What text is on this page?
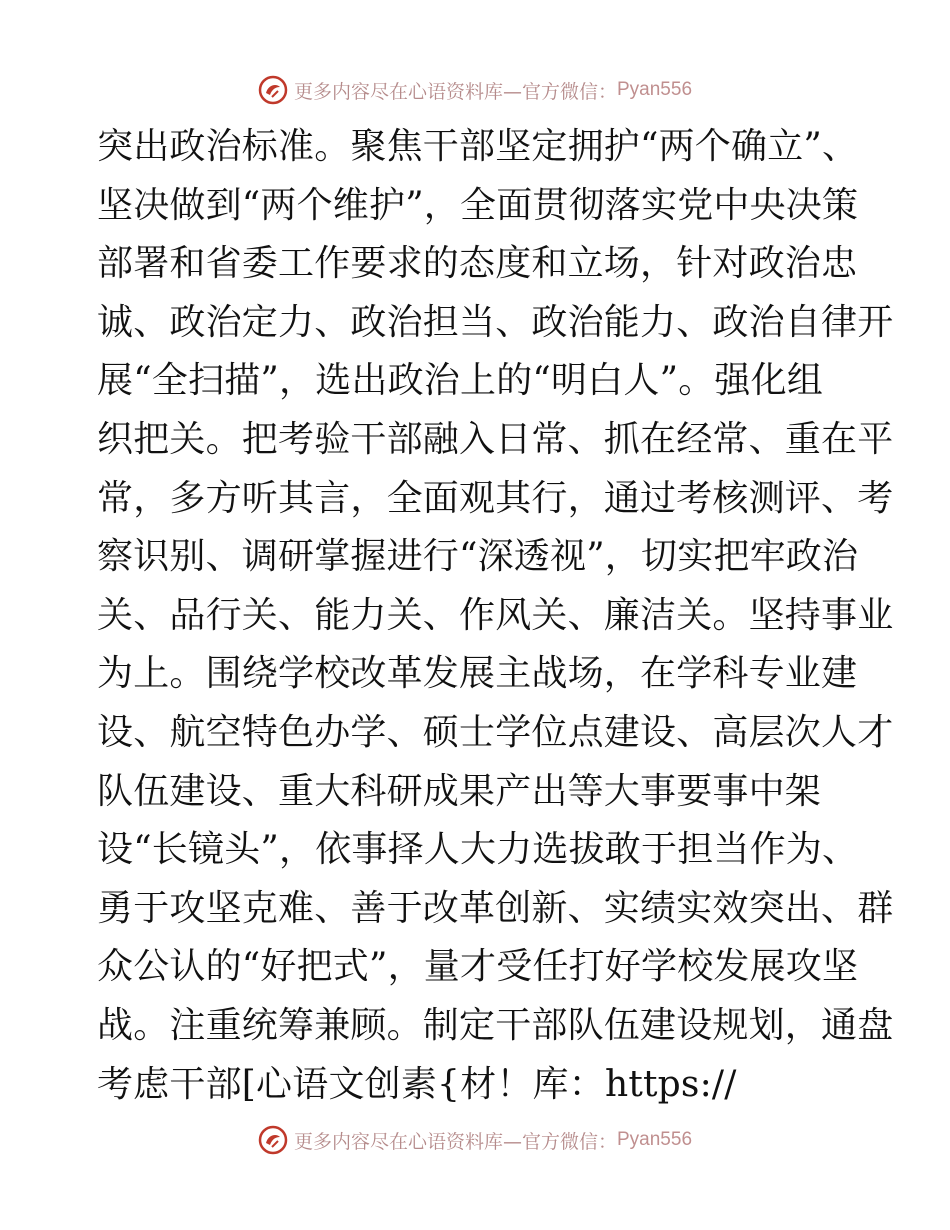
更多内容尽在心语资料库—官方微信： Pyan556
突出政治标准。聚焦干部坚定拥护“两个确立”、
坚决做到“两个维护”，全面贯彻落实党中央决策
部署和省委工作要求的态度和立场，针对政治忠
诚、政治定力、政治担当、政治能力、政治自律开
展“全扫描”，选出政治上的“明白人”。强化组
织把关。把考验干部融入日常、抓在经常、重在平
常，多方听其言，全面观其行，通过考核测评、考
察识别、调研掌握进行“深透视”，切实把牢政治
关、品行关、能力关、作风关、廉洁关。坚持事业
为上。围绕学校改革发展主战场，在学科专业建
设、航空特色办学、硕士学位点建设、高层次人才
队伍建设、重大科研成果产出等大事要事中架
设“长镜头”，依事择人大力选拔敢于担当作为、
勇于攻坚克难、善于改革创新、实绩实效突出、群
众公认的“好把式”，量才受任打好学校发展攻坚
战。注重统筹兼顾。制定干部队伍建设规划，通盘
考虑干部[心语文创素{材！库：https://
更多内容尽在心语资料库—官方微信： Pyan556
